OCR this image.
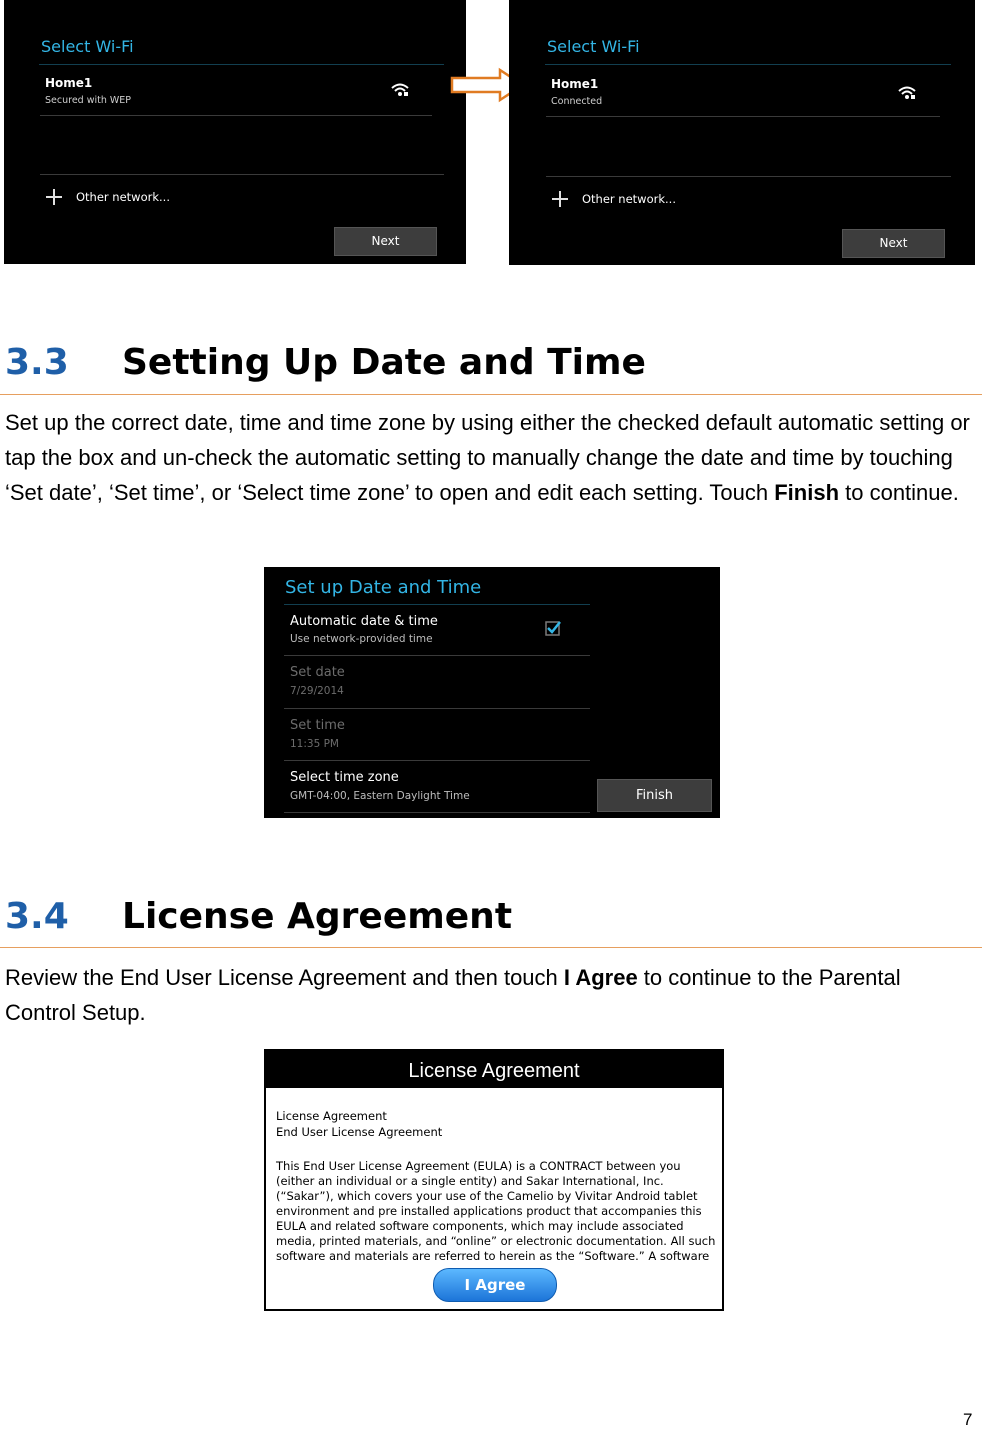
Select Wi-Fi
Home1
Secured with WEP
Other network...
Next
Select Wi-Fi
Home1
Connected
Other network...
Next
3.3 Setting Up Date and Time
Set up the correct date, time and time zone by using either the checked default automatic setting or tap the box and un-check the automatic setting to manually change the date and time by touching ‘Set date’, ‘Set time’, or ‘Select time zone’ to open and edit each setting. Touch Finish to continue.
Set up Date and Time
Automatic date & time
Use network-provided time
Set date
7/29/2014
Set time
11:35 PM
Select time zone
GMT-04:00, Eastern Daylight Time	Finish
3.4 License Agreement
Review the End User License Agreement and then touch I Agree to continue to the Parental Control Setup.
License Agreement
License Agreement
End User License Agreement
This End User License Agreement (EULA) is a CONTRACT between you (either an individual or a single entity) and Sakar International, Inc. (“Sakar”), which covers your use of the Camelio by Vivitar Android tablet environment and pre installed applications product that accompanies this EULA and related software components, which may include associated media, printed materials, and “online” or electronic documentation. All such software and materials are referred to herein as the “Software.” A software
I Agree
7
